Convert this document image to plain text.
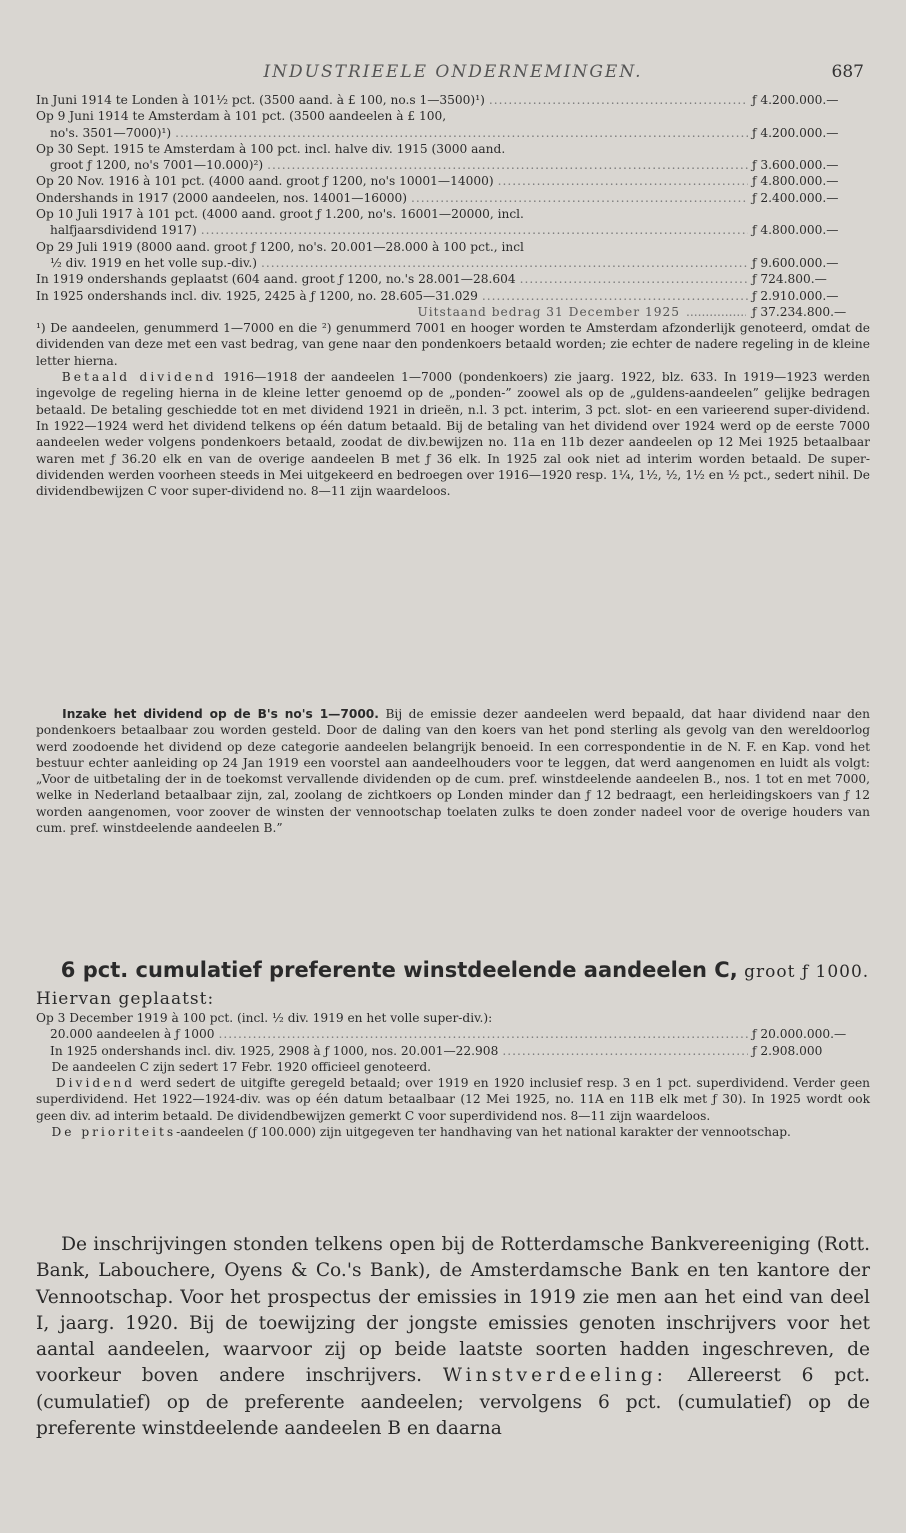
INDUSTRIEELE ONDERNEMINGEN.	687
In Juni 1914 te Londen à 101½ pct. (3500 aand. à £ 100, no.s 1—3500)¹) .....	ƒ 4.200.000.—
Op 9 Juni 1914 te Amsterdam à 101 pct. (3500 aandeelen à £ 100,
no's. 3501—7000)¹) .....	ƒ 4.200.000.—
Op 30 Sept. 1915 te Amsterdam à 100 pct. incl. halve div. 1915 (3000 aand.
groot ƒ 1200, no's 7001—10.000)²) .....	ƒ 3.600.000.—
Op 20 Nov. 1916 à 101 pct. (4000 aand. groot ƒ 1200, no's 10001—14000) .....	ƒ 4.800.000.—
Ondershands in 1917 (2000 aandeelen, nos. 14001—16000) .....	ƒ 2.400.000.—
Op 10 Juli 1917 à 101 pct. (4000 aand. groot ƒ 1.200, no's. 16001—20000, incl.
halfjaarsdividend 1917) .....	ƒ 4.800.000.—
Op 29 Juli 1919 (8000 aand. groot ƒ 1200, no's. 20.001—28.000 à 100 pct., incl
½ div. 1919 en het volle sup.-div.) .....	ƒ 9.600.000.—
In 1919 ondershands geplaatst (604 aand. groot ƒ 1200, no.'s 28.001—28.604 .....	ƒ 724.800.—
In 1925 ondershands incl. div. 1925, 2425 à ƒ 1200, no. 28.605—31.029 .....	ƒ 2.910.000.—
Uitstaand bedrag 31 December 1925 .....	ƒ 37.234.800.—

¹) De aandeelen, genummerd 1—7000 en die ²) genummerd 7001 en hooger worden te Amsterdam afzonderlijk genoteerd, omdat de dividenden van deze met een vast bedrag, van gene naar den pondenkoers betaald worden; zie echter de nadere regeling in de kleine letter hierna.

Betaald dividend 1916—1918 der aandeelen 1—7000 (pondenkoers) zie jaarg. 1922, blz. 633. In 1919—1923 werden ingevolge de regeling hierna in de kleine letter genoemd op de „ponden-” zoowel als op de „guldens-aandeelen” gelijke bedragen betaald. De betaling geschiedde tot en met dividend 1921 in drieën, n.l. 3 pct. interim, 3 pct. slot- en een varieerend super-dividend. In 1922—1924 werd het dividend telkens op één datum betaald. Bij de betaling van het dividend over 1924 werd op de eerste 7000 aandeelen weder volgens pondenkoers betaald, zoodat de div.bewijzen no. 11a en 11b dezer aandeelen op 12 Mei 1925 betaalbaar waren met ƒ 36.20 elk en van de overige aandeelen B met ƒ 36 elk. In 1925 zal ook niet ad interim worden betaald. De super-dividenden werden voorheen steeds in Mei uitgekeerd en bedroegen over 1916—1920 resp. 1¼, 1½, ½, 1½ en ½ pct., sedert nihil. De dividendbewijzen C voor super-dividend no. 8—11 zijn waardeloos.

Inzake het dividend op de B's no's 1—7000. Bij de emissie dezer aandeelen werd bepaald, dat haar dividend naar den pondenkoers betaalbaar zou worden gesteld. Door de daling van den koers van het pond sterling als gevolg van den wereldoorlog werd zoodoende het dividend op deze categorie aandeelen belangrijk benoeid. In een correspondentie in de N. F. en Kap. vond het bestuur echter aanleiding op 24 Jan 1919 een voorstel aan aandeelhouders voor te leggen, dat werd aangenomen en luidt als volgt: „Voor de uitbetaling der in de toekomst vervallende dividenden op de cum. pref. winstdeelende aandeelen B., nos. 1 tot en met 7000, welke in Nederland betaalbaar zijn, zal, zoolang de zichtkoers op Londen minder dan ƒ 12 bedraagt, een herleidingskoers van ƒ 12 worden aangenomen, voor zoover de winsten der vennootschap toelaten zulks te doen zonder nadeel voor de overige houders van cum. pref. winstdeelende aandeelen B.”

6 pct. cumulatief preferente winstdeelende aandeelen C, groot ƒ 1000. Hiervan geplaatst:
Op 3 December 1919 à 100 pct. (incl. ½ div. 1919 en het volle super-div.):
20.000 aandeelen à ƒ 1000 .....	ƒ 20.000.000.—
In 1925 ondershands incl. div. 1925, 2908 à ƒ 1000, nos. 20.001—22.908 .....	ƒ 2.908.000

De aandeelen C zijn sedert 17 Febr. 1920 officieel genoteerd.

Dividend werd sedert de uitgifte geregeld betaald; over 1919 en 1920 inclusief resp. 3 en 1 pct. superdividend. Verder geen superdividend. Het 1922—1924-div. was op één datum betaalbaar (12 Mei 1925, no. 11A en 11B elk met ƒ 30). In 1925 wordt ook geen div. ad interim betaald. De dividendbewijzen gemerkt C voor superdividend nos. 8—11 zijn waardeloos.

De prioriteits-aandeelen (ƒ 100.000) zijn uitgegeven ter handhaving van het national karakter der vennootschap.

De inschrijvingen stonden telkens open bij de Rotterdamsche Bankvereeniging (Rott. Bank, Labouchere, Oyens & Co.'s Bank), de Amsterdamsche Bank en ten kantore der Vennootschap. Voor het prospectus der emissies in 1919 zie men aan het eind van deel I, jaarg. 1920. Bij de toewijzing der jongste emissies genoten inschrijvers voor het aantal aandeelen, waarvoor zij op beide laatste soorten hadden ingeschreven, de voorkeur boven andere inschrijvers. Winstverdeeling: Allereerst 6 pct. (cumulatief) op de preferente aandeelen; vervolgens 6 pct. (cumulatief) op de preferente winstdeelende aandeelen B en daarna
